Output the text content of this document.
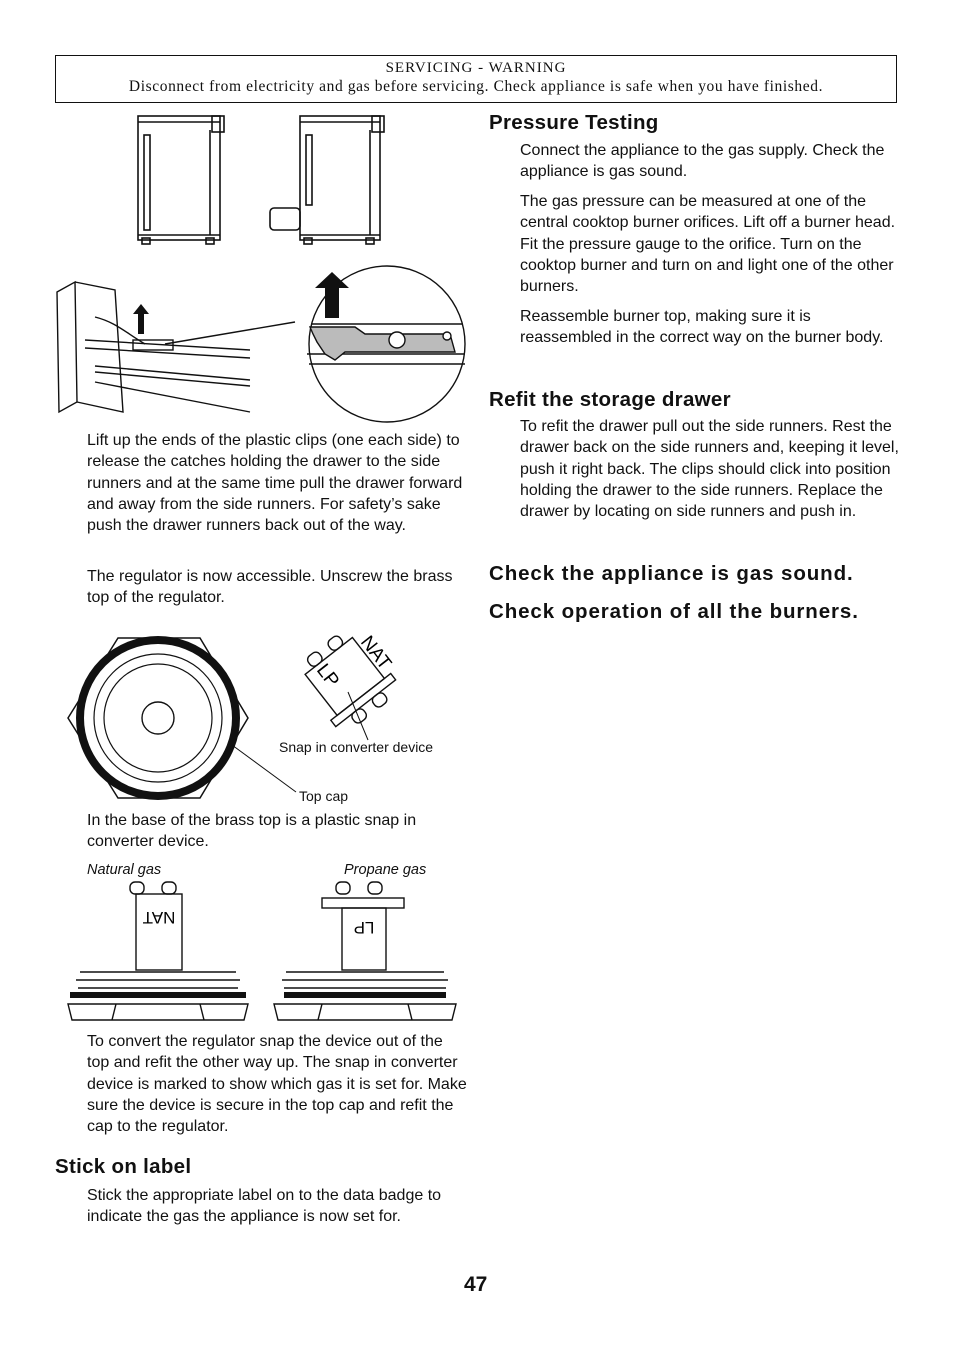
SERVICING - WARNING
Disconnect from electricity and gas before servicing. Check appliance is safe when you have finished.

Lift up the ends of the plastic clips (one each side) to release the catches holding the drawer to the side runners and at the same time pull the drawer forward and away from the side runners. For safety’s sake push the drawer runners back out of the way.

The regulator is now accessible. Unscrew the brass top of the regulator.

NAT
LP

Snap in converter device

Top cap

In the base of the brass top is a plastic snap in converter device.

Natural gas	Propane gas

NAT
LP

To convert the regulator snap the device out of the top and refit the other way up. The snap in converter device is marked to show which gas it is set for. Make sure the device is secure in the top cap and refit the cap to the regulator.

Stick on label

Stick the appropriate label on to the data badge to indicate the gas the appliance is now set for.

Pressure Testing

Connect the appliance to the gas supply. Check the appliance is gas sound.

The gas pressure can be measured at one of the central cooktop burner orifices. Lift off a burner head. Fit the pressure gauge to the orifice. Turn on the cooktop burner and turn on and light one of the other burners.

Reassemble burner top, making sure it is reassembled in the correct way on the burner body.

Refit the storage drawer

To refit the drawer pull out the side runners. Rest the drawer back on the side runners and, keeping it level, push it right back. The clips should click into position holding the drawer to the side runners. Replace the drawer by locating on side runners and push in.

Check the appliance is gas sound.
Check operation of all the burners.

47
